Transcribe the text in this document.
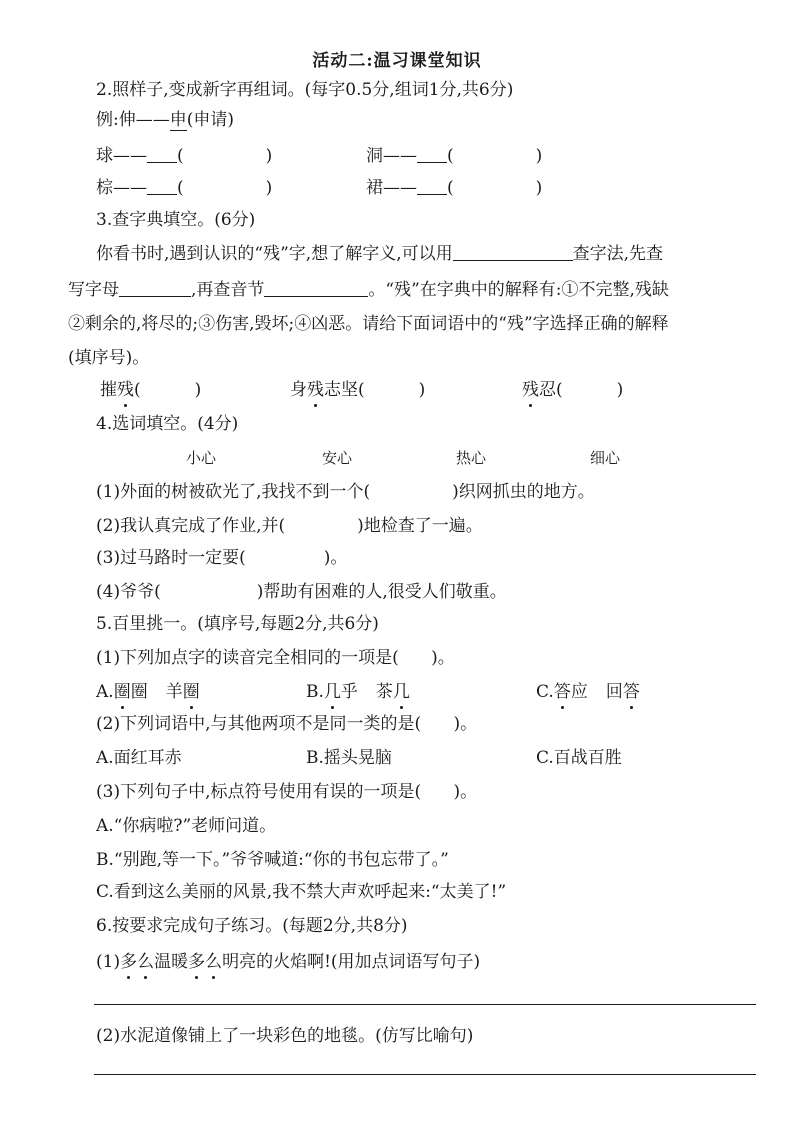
活动二:温习课堂知识
2.照样子,变成新字再组词。(每字0.5分,组词1分,共6分)
例:伸——申(申请)
球—— (	)	洞—— (	)
棕—— (	)	裙—— (	)
3.查字典填空。(6分)
你看书时,遇到认识的“残”字,想了解字义,可以用	查字法,先查
写字母	,再查音节	。“残”在字典中的解释有:①不完整,残缺
②剩余的,将尽的;③伤害,毁坏;④凶恶。请给下面词语中的“残”字选择正确的解释
(填序号)。
摧残(          )	身残志坚(          )	残忍(          )
4.选词填空。(4分)
小心	安心	热心	细心
(1)外面的树被砍光了,我找不到一个(	)织网抓虫的地方。
(2)我认真完成了作业,并(	)地检查了一遍。
(3)过马路时一定要(	)。
(4)爷爷(	)帮助有困难的人,很受人们敬重。
5.百里挑一。(填序号,每题2分,共6分)
(1)下列加点字的读音完全相同的一项是(      )。
A.圈圈 羊圈	B.几乎 茶几	C.答应 回答
(2)下列词语中,与其他两项不是同一类的是(      )。
A.面红耳赤	B.摇头晃脑	C.百战百胜
(3)下列句子中,标点符号使用有误的一项是(      )。
A.“你病啦?”老师问道。
B.“别跑,等一下。”爷爷喊道:“你的书包忘带了。”
C.看到这么美丽的风景,我不禁大声欢呼起来:“太美了!”
6.按要求完成句子练习。(每题2分,共8分)
(1)多么温暖多么明亮的火焰啊!(用加点词语写句子)
(2)水泥道像铺上了一块彩色的地毯。(仿写比喻句)
